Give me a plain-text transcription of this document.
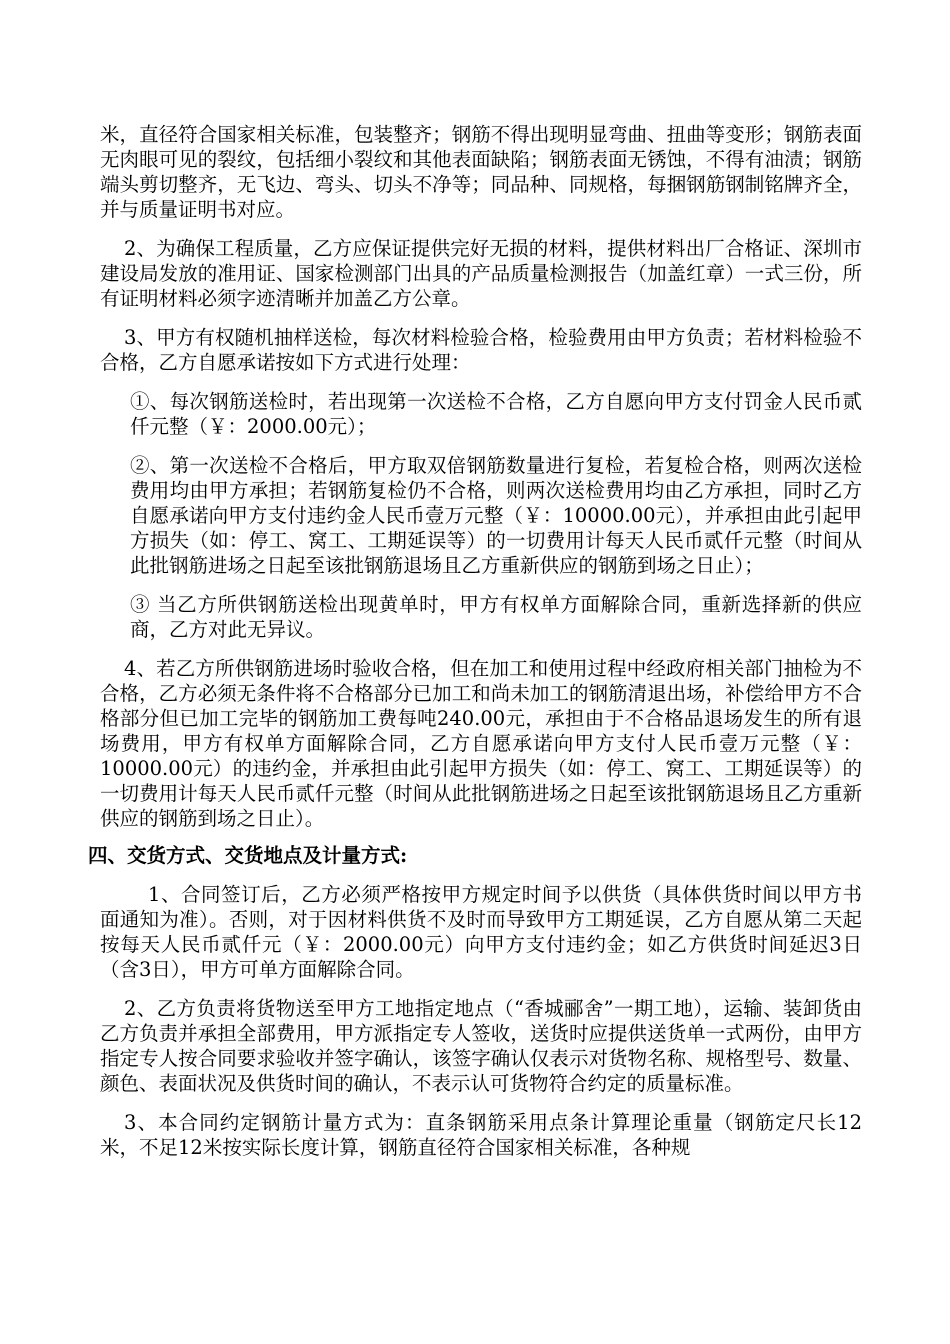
米，直径符合国家相关标准，包装整齐；钢筋不得出现明显弯曲、扭曲等变形；钢筋表面无肉眼可见的裂纹，包括细小裂纹和其他表面缺陷；钢筋表面无锈蚀，不得有油渍；钢筋端头剪切整齐，无飞边、弯头、切头不净等；同品种、同规格，每捆钢筋钢制铭牌齐全，并与质量证明书对应。

2、为确保工程质量，乙方应保证提供完好无损的材料，提供材料出厂合格证、深圳市建设局发放的准用证、国家检测部门出具的产品质量检测报告（加盖红章）一式三份，所有证明材料必须字迹清晰并加盖乙方公章。

3、甲方有权随机抽样送检，每次材料检验合格，检验费用由甲方负责；若材料检验不合格，乙方自愿承诺按如下方式进行处理：

①、每次钢筋送检时，若出现第一次送检不合格，乙方自愿向甲方支付罚金人民币贰仟元整（￥：2000.00元）；

②、第一次送检不合格后，甲方取双倍钢筋数量进行复检，若复检合格，则两次送检费用均由甲方承担；若钢筋复检仍不合格，则两次送检费用均由乙方承担，同时乙方自愿承诺向甲方支付违约金人民币壹万元整（￥：10000.00元），并承担由此引起甲方损失（如：停工、窝工、工期延误等）的一切费用计每天人民币贰仟元整（时间从此批钢筋进场之日起至该批钢筋退场且乙方重新供应的钢筋到场之日止）；

③ 当乙方所供钢筋送检出现黄单时，甲方有权单方面解除合同，重新选择新的供应商，乙方对此无异议。

4、若乙方所供钢筋进场时验收合格，但在加工和使用过程中经政府相关部门抽检为不合格，乙方必须无条件将不合格部分已加工和尚未加工的钢筋清退出场，补偿给甲方不合格部分但已加工完毕的钢筋加工费每吨240.00元，承担由于不合格品退场发生的所有退场费用，甲方有权单方面解除合同，乙方自愿承诺向甲方支付人民币壹万元整（￥：10000.00元）的违约金，并承担由此引起甲方损失（如：停工、窝工、工期延误等）的一切费用计每天人民币贰仟元整（时间从此批钢筋进场之日起至该批钢筋退场且乙方重新供应的钢筋到场之日止）。

四、交货方式、交货地点及计量方式:

1、合同签订后，乙方必须严格按甲方规定时间予以供货（具体供货时间以甲方书面通知为准）。否则，对于因材料供货不及时而导致甲方工期延误，乙方自愿从第二天起按每天人民币贰仟元（￥：2000.00元）向甲方支付违约金；如乙方供货时间延迟3日（含3日），甲方可单方面解除合同。

2、乙方负责将货物送至甲方工地指定地点（“香城郦舍”一期工地），运输、装卸货由乙方负责并承担全部费用，甲方派指定专人签收，送货时应提供送货单一式两份，由甲方指定专人按合同要求验收并签字确认，该签字确认仅表示对货物名称、规格型号、数量、颜色、表面状况及供货时间的确认，不表示认可货物符合约定的质量标准。

3、本合同约定钢筋计量方式为：直条钢筋采用点条计算理论重量（钢筋定尺长12米，不足12米按实际长度计算，钢筋直径符合国家相关标准，各种规
